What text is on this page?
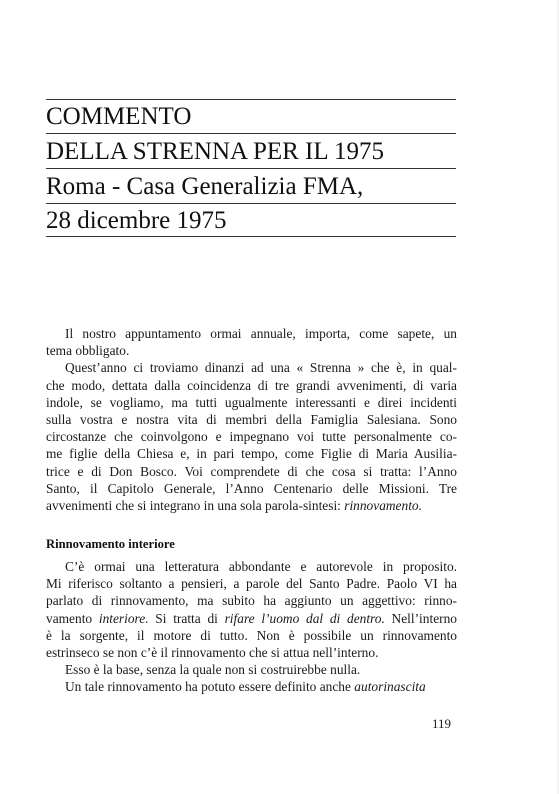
COMMENTO
DELLA STRENNA PER IL 1975
Roma - Casa Generalizia FMA,
28 dicembre 1975
Il nostro appuntamento ormai annuale, importa, come sapete, un
tema obbligato.
Quest’anno ci troviamo dinanzi ad una « Strenna » che è, in qual-
che modo, dettata dalla coincidenza di tre grandi avvenimenti, di varia
indole, se vogliamo, ma tutti ugualmente interessanti e direi incidenti
sulla vostra e nostra vita di membri della Famiglia Salesiana. Sono
circostanze che coinvolgono e impegnano voi tutte personalmente co-
me figlie della Chiesa e, in pari tempo, come Figlie di Maria Ausilia-
trice e di Don Bosco. Voi comprendete di che cosa si tratta: l’Anno
Santo, il Capitolo Generale, l’Anno Centenario delle Missioni. Tre
avvenimenti che si integrano in una sola parola-sintesi: rinnovamento.
C’è ormai una letteratura abbondante e autorevole in proposito.
Mi riferisco soltanto a pensieri, a parole del Santo Padre. Paolo VI ha
parlato di rinnovamento, ma subito ha aggiunto un aggettivo: rinno-
vamento interiore. Si tratta di rifare l’uomo dal di dentro. Nell’interno
è la sorgente, il motore di tutto. Non è possibile un rinnovamento
estrinseco se non c’è il rinnovamento che si attua nell’interno.
Esso è la base, senza la quale non si costruirebbe nulla.
Un tale rinnovamento ha potuto essere definito anche autorinascita
Rinnovamento interiore
119
